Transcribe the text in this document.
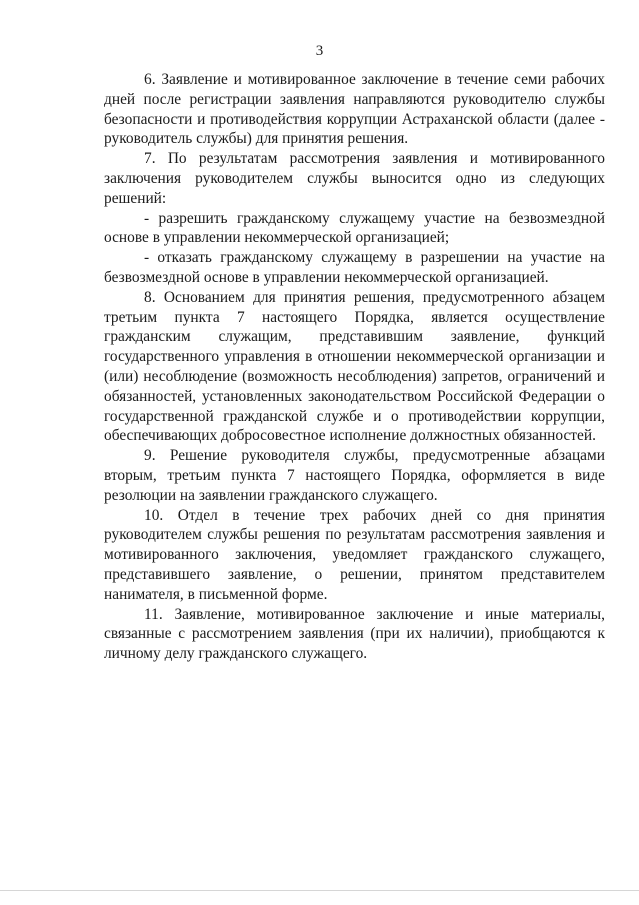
3

6. Заявление и мотивированное заключение в течение семи рабочих дней после регистрации заявления направляются руководителю службы безопасности и противодействия коррупции Астраханской области (далее - руководитель службы) для принятия решения.

7. По результатам рассмотрения заявления и мотивированного заключения руководителем службы выносится одно из следующих решений:

- разрешить гражданскому служащему участие на безвозмездной основе в управлении некоммерческой организацией;

- отказать гражданскому служащему в разрешении на участие на безвозмездной основе в управлении некоммерческой организацией.

8. Основанием для принятия решения, предусмотренного абзацем третьим пункта 7 настоящего Порядка, является осуществление гражданским служащим, представившим заявление, функций государственного управления в отношении некоммерческой организации и (или) несоблюдение (возможность несоблюдения) запретов, ограничений и обязанностей, установленных законодательством Российской Федерации о государственной гражданской службе и о противодействии коррупции, обеспечивающих добросовестное исполнение должностных обязанностей.

9. Решение руководителя службы, предусмотренные абзацами вторым, третьим пункта 7 настоящего Порядка, оформляется в виде резолюции на заявлении гражданского служащего.

10. Отдел в течение трех рабочих дней со дня принятия руководителем службы решения по результатам рассмотрения заявления и мотивированного заключения, уведомляет гражданского служащего, представившего заявление, о решении, принятом представителем нанимателя, в письменной форме.

11. Заявление, мотивированное заключение и иные материалы, связанные с рассмотрением заявления (при их наличии), приобщаются к личному делу гражданского служащего.
